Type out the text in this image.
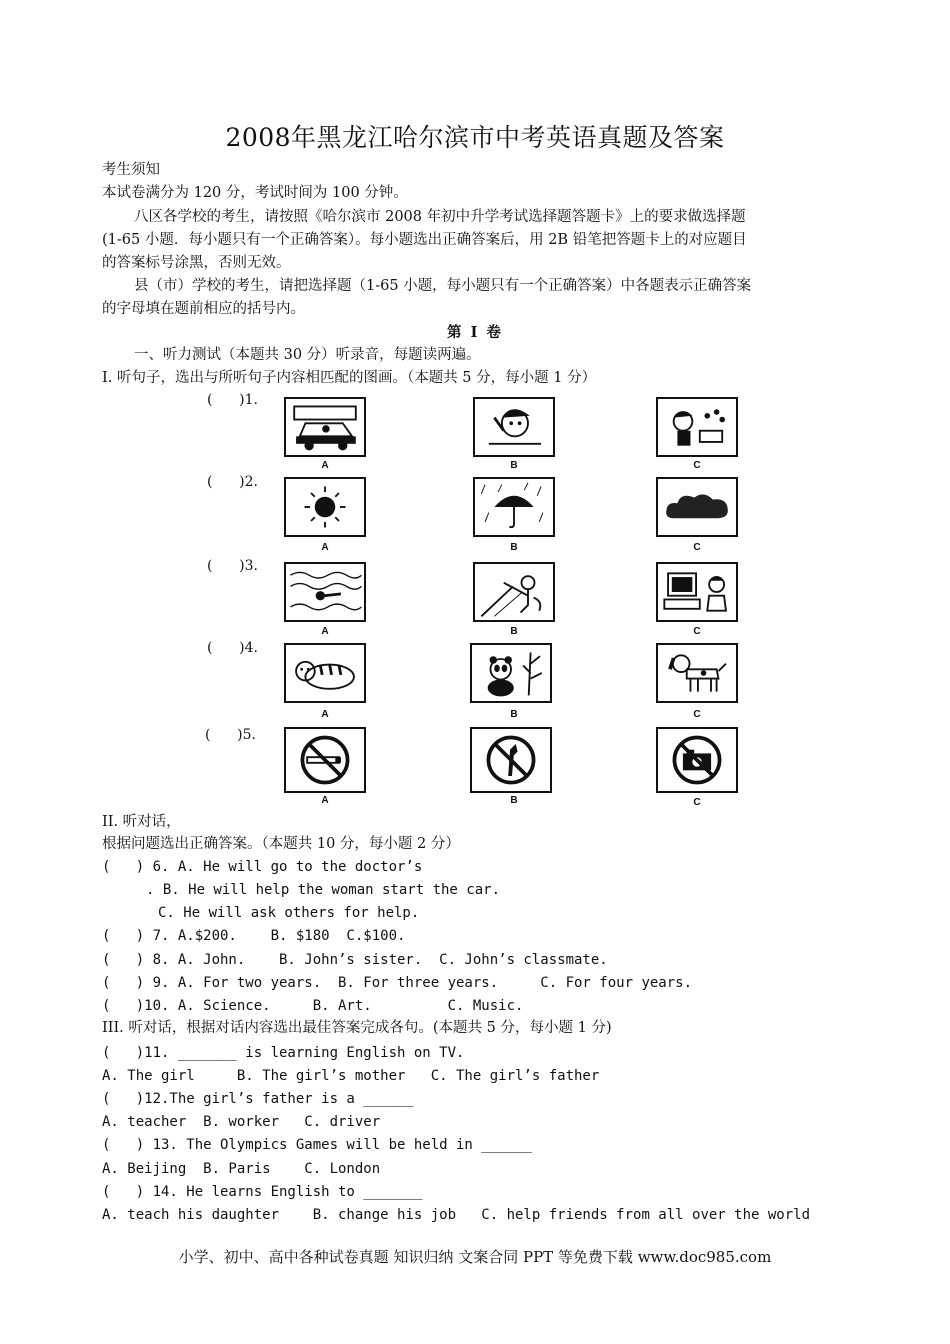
2008年黑龙江哈尔滨市中考英语真题及答案
考生须知
本试卷满分为 120 分，考试时间为 100 分钟。
八区各学校的考生，请按照《哈尔滨市 2008 年初中升学考试选择题答题卡》上的要求做选择题
(1-65 小题．每小题只有一个正确答案）。每小题选出正确答案后，用 2B 铅笔把答题卡上的对应题目
的答案标号涂黑，否则无效。
县（市）学校的考生，请把选择题（1-65 小题，每小题只有一个正确答案）中各题表示正确答案
的字母填在题前相应的括号内。
第 I 卷
一、听力测试（本题共 30 分）听录音，每题读两遍。
I. 听句子，选出与所听句子内容相匹配的图画。（本题共 5 分，每小题 1 分）
(      )1.
A	B	C
(      )2.
A	B	C
(      )3.
A	B	C
(      )4.
A	B	C
(      )5.
A	B	C
II. 听对话，
根据问题选出正确答案。（本题共 10 分，每小题 2 分）
(   ) 6. A. He will go to the doctor’s
. B. He will help the woman start the car.
C. He will ask others for help.
(   ) 7. A.$200.    B. $180  C.$100.
(   ) 8. A. John.    B. John’s sister.  C. John’s classmate.
(   ) 9. A. For two years.  B. For three years.     C. For four years.
(   )10. A. Science.     B. Art.         C. Music.
III. 听对话，根据对话内容选出最佳答案完成各句。(本题共 5 分，每小题 1 分)
(   )11. _______ is learning English on TV.
A. The girl     B. The girl’s mother   C. The girl’s father
(   )12.The girl’s father is a ______
A. teacher  B. worker   C. driver
(   ) 13. The Olympics Games will be held in ______
A. Beijing  B. Paris    C. London
(   ) 14. He learns English to _______
A. teach his daughter    B. change his job   C. help friends from all over the world
小学、初中、高中各种试卷真题 知识归纳 文案合同 PPT 等免费下载 www.doc985.com
